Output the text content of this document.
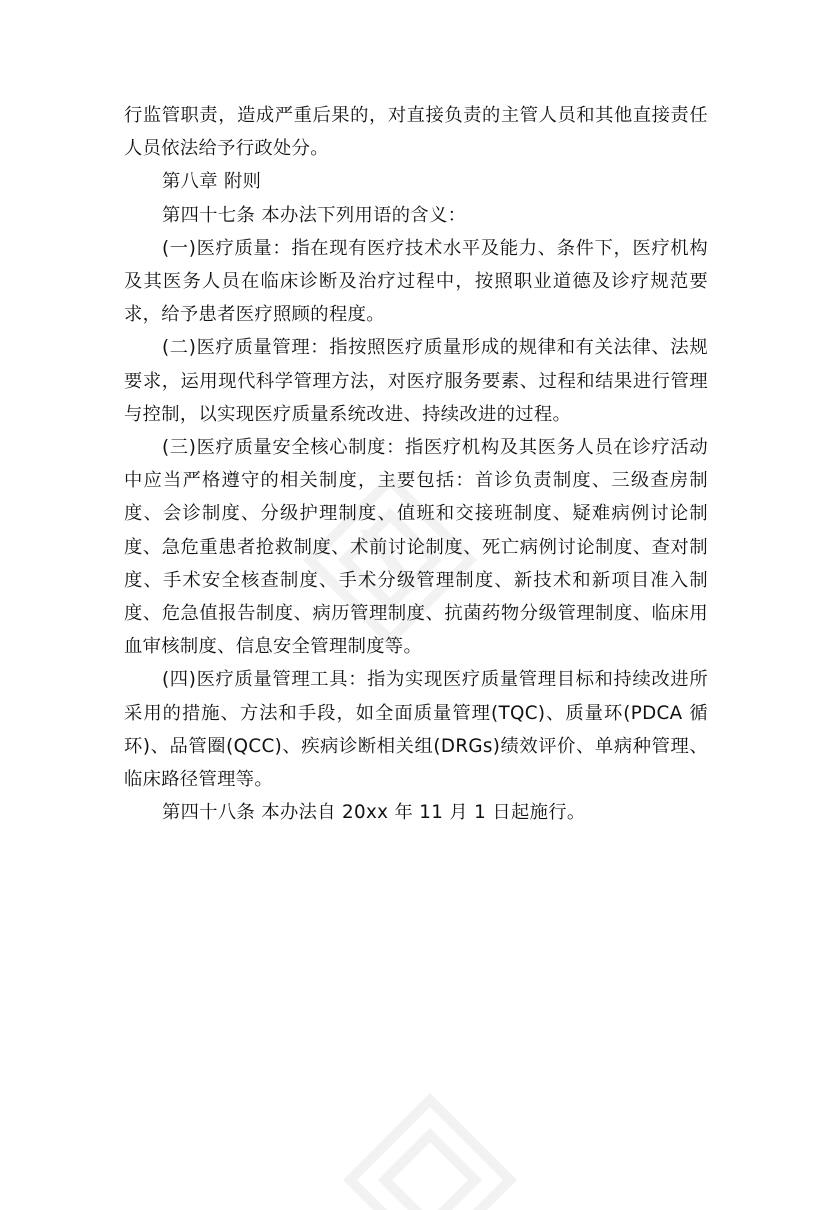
行监管职责，造成严重后果的，对直接负责的主管人员和其他直接责任人员依法给予行政处分。

第八章 附则

第四十七条 本办法下列用语的含义：

(一)医疗质量：指在现有医疗技术水平及能力、条件下，医疗机构及其医务人员在临床诊断及治疗过程中，按照职业道德及诊疗规范要求，给予患者医疗照顾的程度。

(二)医疗质量管理：指按照医疗质量形成的规律和有关法律、法规要求，运用现代科学管理方法，对医疗服务要素、过程和结果进行管理与控制，以实现医疗质量系统改进、持续改进的过程。

(三)医疗质量安全核心制度：指医疗机构及其医务人员在诊疗活动中应当严格遵守的相关制度，主要包括：首诊负责制度、三级查房制度、会诊制度、分级护理制度、值班和交接班制度、疑难病例讨论制度、急危重患者抢救制度、术前讨论制度、死亡病例讨论制度、查对制度、手术安全核查制度、手术分级管理制度、新技术和新项目准入制度、危急值报告制度、病历管理制度、抗菌药物分级管理制度、临床用血审核制度、信息安全管理制度等。

(四)医疗质量管理工具：指为实现医疗质量管理目标和持续改进所采用的措施、方法和手段，如全面质量管理(TQC)、质量环(PDCA 循环)、品管圈(QCC)、疾病诊断相关组(DRGs)绩效评价、单病种管理、临床路径管理等。

第四十八条 本办法自 20xx 年 11 月 1 日起施行。
